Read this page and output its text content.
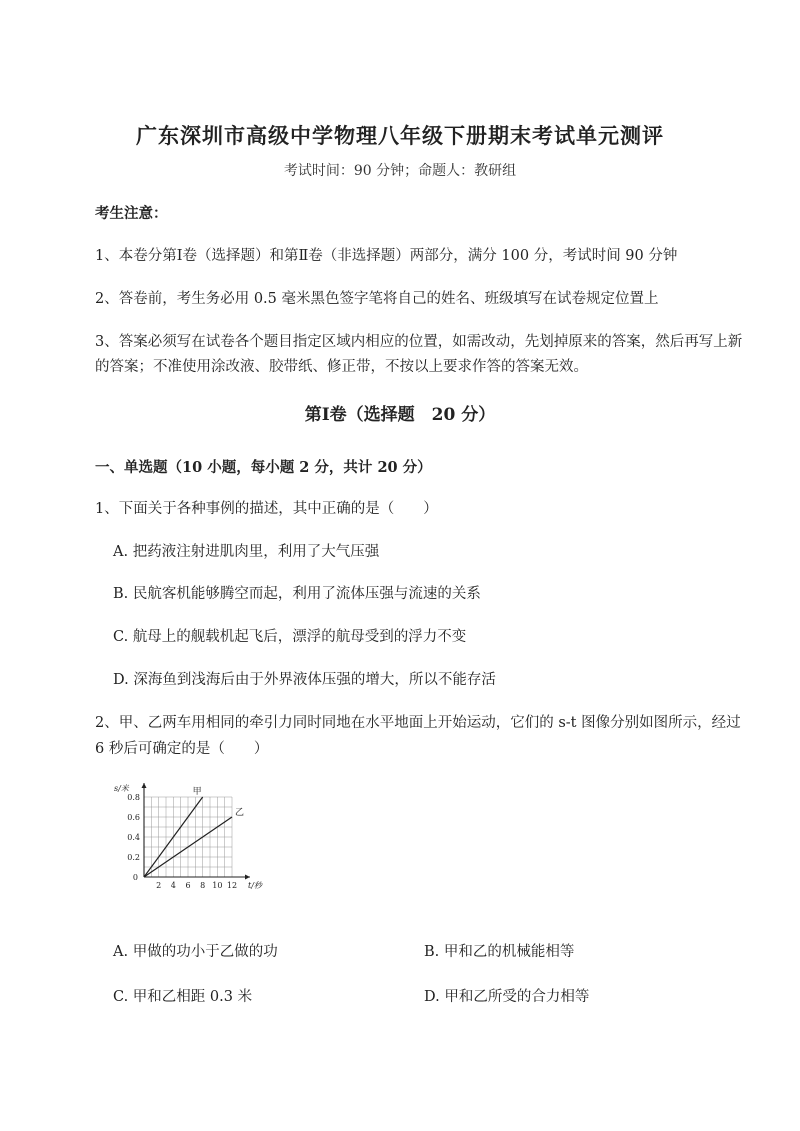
广东深圳市高级中学物理八年级下册期末考试单元测评
考试时间：90 分钟；命题人：教研组
考生注意：
1、本卷分第Ⅰ卷（选择题）和第Ⅱ卷（非选择题）两部分，满分 100 分，考试时间 90 分钟
2、答卷前，考生务必用 0.5 毫米黑色签字笔将自己的姓名、班级填写在试卷规定位置上
3、答案必须写在试卷各个题目指定区域内相应的位置，如需改动，先划掉原来的答案，然后再写上新
的答案；不准使用涂改液、胶带纸、修正带，不按以上要求作答的答案无效。
第Ⅰ卷（选择题　20 分）
一、单选题（10 小题，每小题 2 分，共计 20 分）
1、下面关于各种事例的描述，其中正确的是（　　）
A. 把药液注射进肌肉里，利用了大气压强
B. 民航客机能够腾空而起，利用了流体压强与流速的关系
C. 航母上的舰载机起飞后，漂浮的航母受到的浮力不变
D. 深海鱼到浅海后由于外界液体压强的增大，所以不能存活
2、甲、乙两车用相同的牵引力同时同地在水平地面上开始运动，它们的 s-t 图像分别如图所示，经过
6 秒后可确定的是（　　）
甲
乙
2 4 6 8 10 12
0.2
0.4
0.6
0.8
0
t/秒
s/米
A. 甲做的功小于乙做的功	B. 甲和乙的机械能相等
C. 甲和乙相距 0.3 米	D. 甲和乙所受的合力相等
